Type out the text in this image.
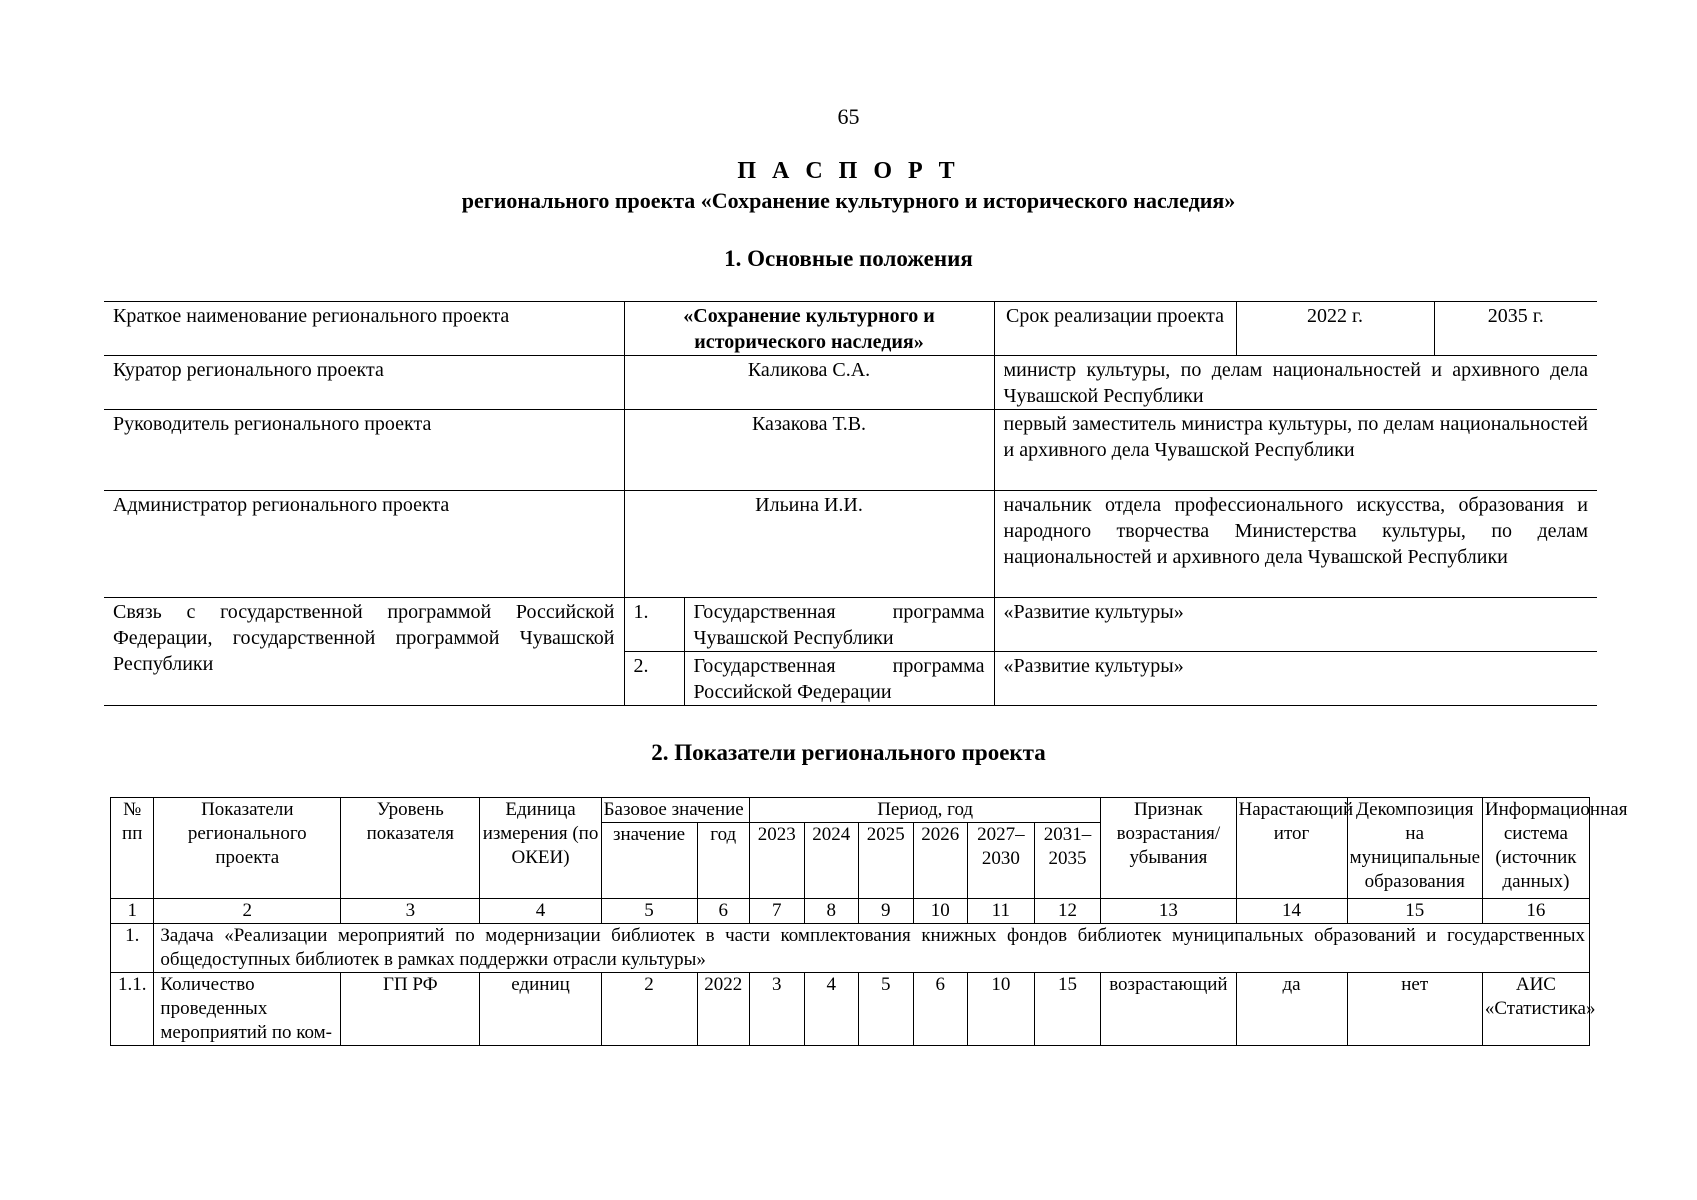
65
П А С П О Р Т
регионального проекта «Сохранение культурного и исторического наследия»
1. Основные положения
Краткое наименование регионального проекта	«Сохранение культурного и исторического наследия»		Срок реализации проекта	2022 г.	2035 г.
Куратор регионального проекта	Каликова С.А.		министр культуры, по делам национальностей и архивного дела Чувашской Республики		
Руководитель регионального проекта	Казакова Т.В.		первый заместитель министра культуры, по делам национальностей и архивного дела Чувашской Республики		
Администратор регионального проекта	Ильина И.И.		начальник отдела профессионального искусства, образования и народного творчества Министерства культуры, по делам национальностей и архивного дела Чувашской Республики		
Связь с государственной программой Российской Федерации, государственной программой Чувашской Республики	1.	Государственная программа Чувашской Республики	«Развитие культуры»		
	2.	Государственная программа Российской Федерации	«Развитие культуры»		
2. Показатели регионального проекта
№ пп	Показатели регионального проекта	Уровень показателя	Единица измерения (по ОКЕИ)	Базовое значение		Период, год						Признак возрастания/ убывания	Нарастающий итог	Декомпозиция на муниципальные образования	Информационная система (источник данных)
				значение	год	2023	2024	2025	2026	2027–2030	2031–2035				
1	2	3	4	5	6	7	8	9	10	11	12	13	14	15	16
1.	Задача «Реализации мероприятий по модернизации библиотек в части комплектования книжных фондов библиотек муниципальных образований и государственных общедоступных библиотек в рамках поддержки отрасли культуры»														
1.1.	Количество проведенных мероприятий по ком-	ГП РФ	единиц	2	2022	3	4	5	6	10	15	возрастающий	да	нет	АИС «Статистика»
